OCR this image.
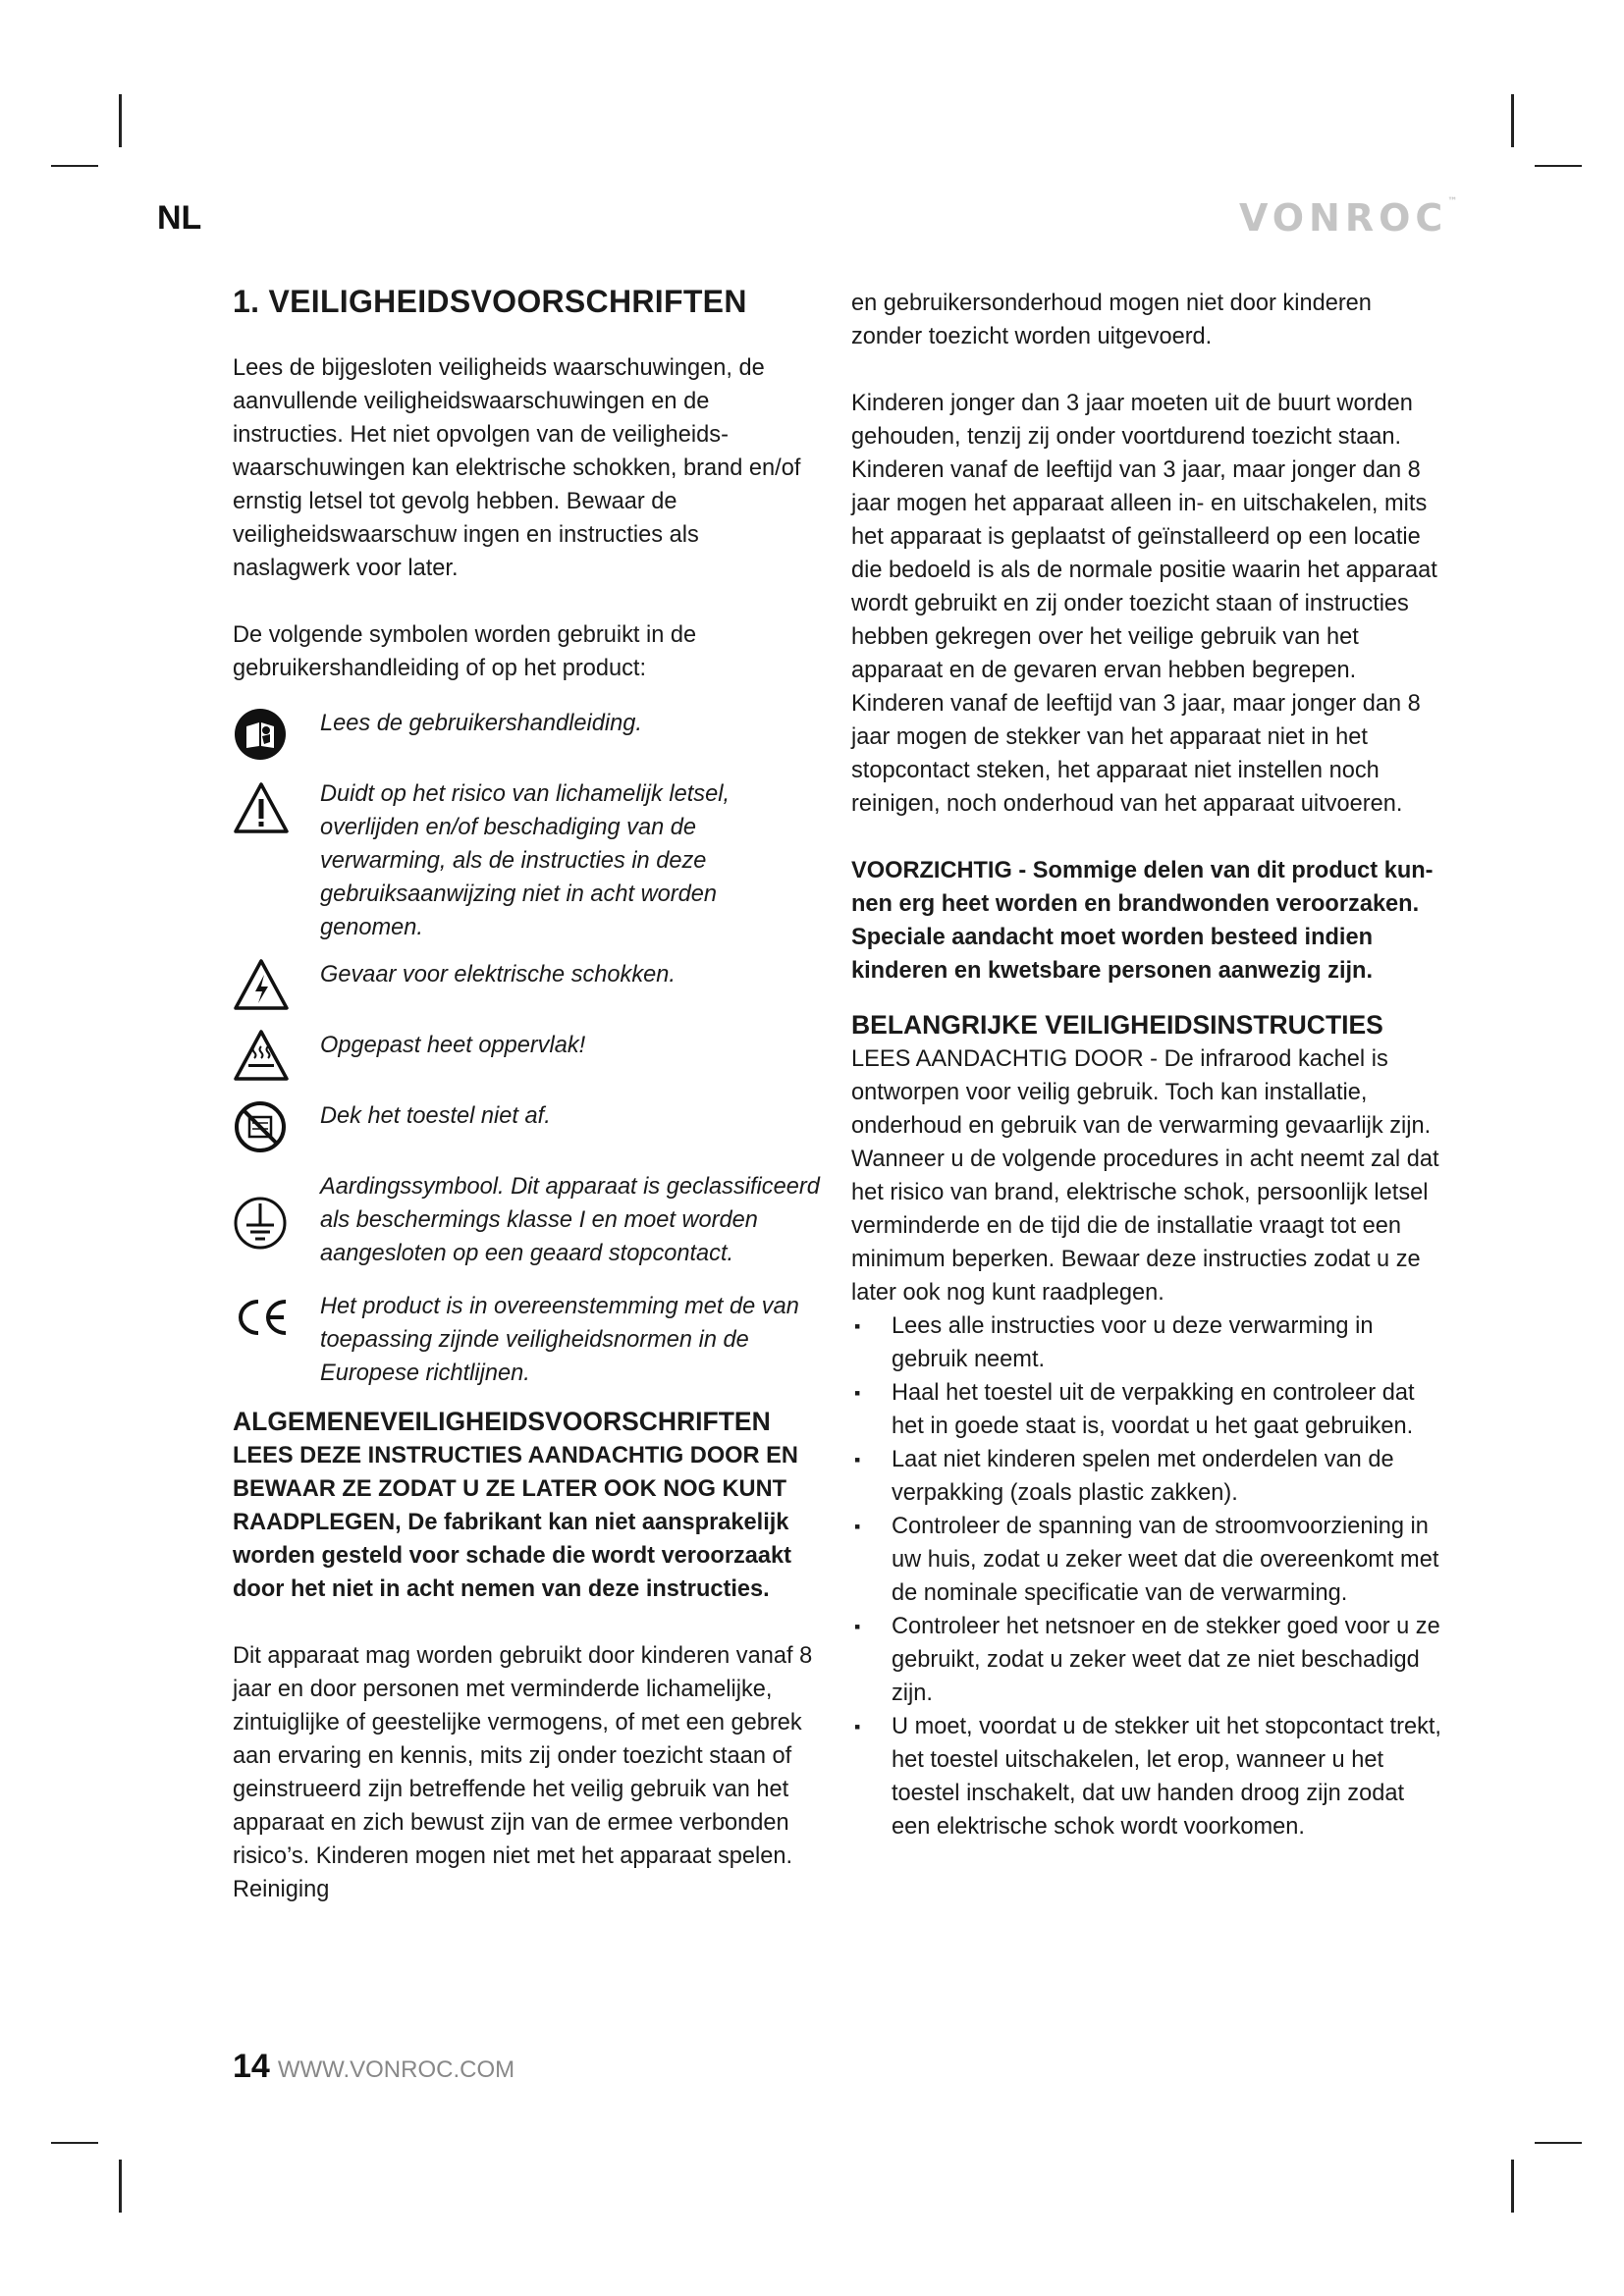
NL	VONROC™
1. VEILIGHEIDSVOORSCHRIFTEN

Lees de bijgesloten veiligheids waarschuwingen, de aanvullende veiligheidswaarschuwingen en de instructies. Het niet opvolgen van de veiligheidswaarschuwingen kan elektrische schokken, brand en/of ernstig letsel tot gevolg hebben. Bewaar de veiligheidswaarschuw ingen en instructies als naslagwerk voor later.

De volgende symbolen worden gebruikt in de gebruikershandleiding of op het product:

Lees de gebruikershandleiding.
Duidt op het risico van lichamelijk letsel, overlijden en/of beschadiging van de verwarming, als de instructies in deze gebruiksaanwijzing niet in acht worden genomen.
Gevaar voor elektrische schokken.
Opgepast heet oppervlak!
Dek het toestel niet af.
Aardingssymbool. Dit apparaat is geclassificeerd als beschermings klasse I en moet worden aangesloten op een geaard stopcontact.
Het product is in overeenstemming met de van toepassing zijnde veiligheidsnormen in de Europese richtlijnen.
ALGEMENEVEILIGHEIDSVOORSCHRIFTEN

LEES DEZE INSTRUCTIES AANDACHTIG DOOR EN BEWAAR ZE ZODAT U ZE LATER OOK NOG KUNT RAADPLEGEN, De fabrikant kan niet aansprakelijk worden gesteld voor schade die wordt veroorzaakt door het niet in acht nemen van deze instructies.

Dit apparaat mag worden gebruikt door kinderen vanaf 8 jaar en door personen met verminderde lichamelijke, zintuiglijke of geestelijke vermogens, of met een gebrek aan ervaring en kennis, mits zij onder toezicht staan of geinstrueerd zijn betreffende het veilig gebruik van het apparaat en zich bewust zijn van de ermee verbonden risico’s. Kinderen mogen niet met het apparaat spelen. Reiniging

en gebruikersonderhoud mogen niet door kinderen zonder toezicht worden uitgevoerd.

Kinderen jonger dan 3 jaar moeten uit de buurt worden gehouden, tenzij zij onder voortdurend toezicht staan. Kinderen vanaf de leeftijd van 3 jaar, maar jonger dan 8 jaar mogen het apparaat alleen in- en uitschakelen, mits het apparaat is geplaatst of geïnstalleerd op een locatie die bedoeld is als de normale positie waarin het apparaat wordt gebruikt en zij onder toezicht staan of instructies hebben gekregen over het veilige gebruik van het apparaat en de gevaren ervan hebben begrepen. Kinderen vanaf de leeftijd van 3 jaar, maar jonger dan 8 jaar mogen de stekker van het apparaat niet in het stopcontact steken, het apparaat niet instellen noch reinigen, noch onderhoud van het apparaat uitvoeren.

VOORZICHTIG - Sommige delen van dit product kunnen erg heet worden en brandwonden veroorzaken. Speciale aandacht moet worden besteed indien kinderen en kwetsbare personen aanwezig zijn.

BELANGRIJKE VEILIGHEIDSINSTRUCTIES

LEES AANDACHTIG DOOR - De infrarood kachel is ontworpen voor veilig gebruik. Toch kan installatie, onderhoud en gebruik van de verwarming gevaarlijk zijn. Wanneer u de volgende procedures in acht neemt zal dat het risico van brand, elektrische schok, persoonlijk letsel verminderde en de tijd die de installatie vraagt tot een minimum beperken. Bewaar deze instructies zodat u ze later ook nog kunt raadplegen.

▪ Lees alle instructies voor u deze verwarming in gebruik neemt.
▪ Haal het toestel uit de verpakking en controleer dat het in goede staat is, voordat u het gaat gebruiken.
▪ Laat niet kinderen spelen met onderdelen van de verpakking (zoals plastic zakken).
▪ Controleer de spanning van de stroomvoorziening in uw huis, zodat u zeker weet dat die overeenkomt met de nominale specificatie van de verwarming.
▪ Controleer het netsnoer en de stekker goed voor u ze gebruikt, zodat u zeker weet dat ze niet beschadigd zijn.
▪ U moet, voordat u de stekker uit het stopcontact trekt, het toestel uitschakelen, let erop, wanneer u het toestel inschakelt, dat uw handen droog zijn zodat een elektrische schok wordt voorkomen.
14 WWW.VONROC.COM
